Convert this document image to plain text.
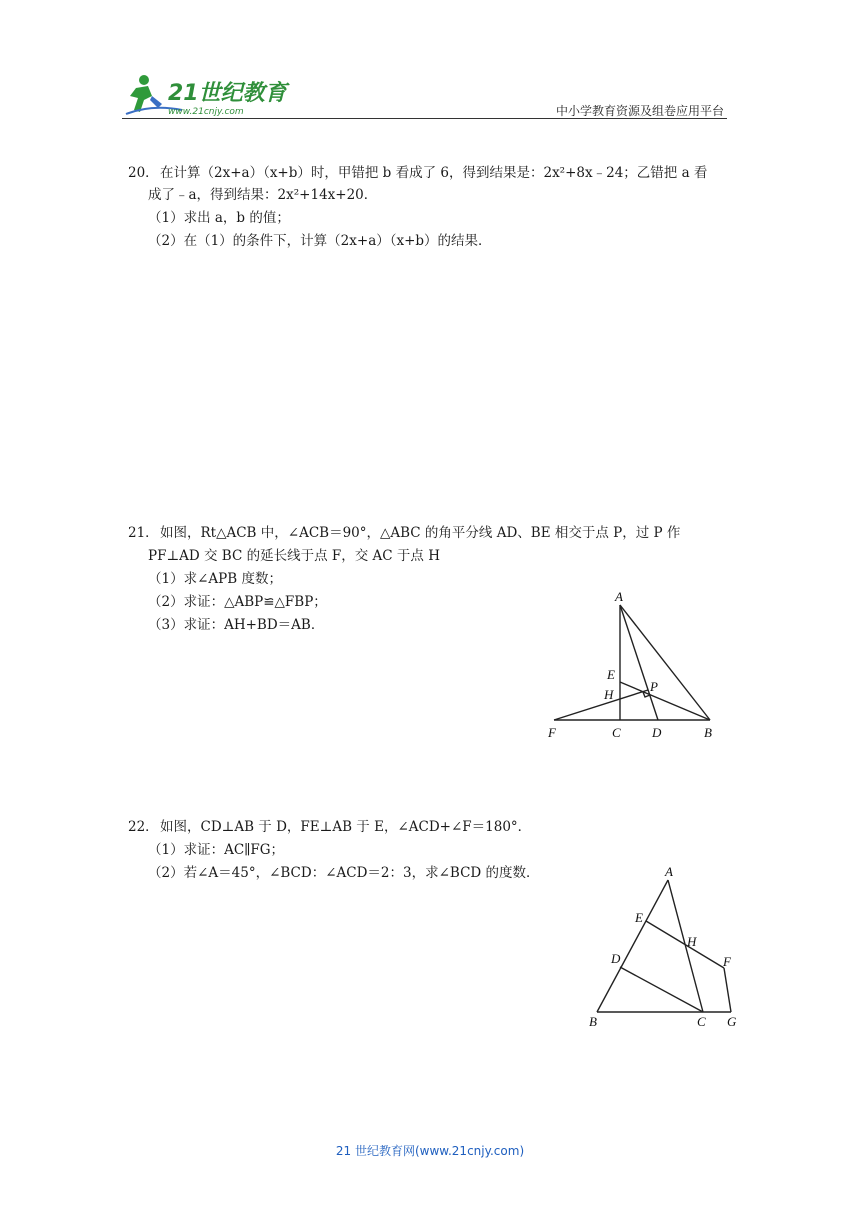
21世纪教育
www.21cnjy.com	中小学教育资源及组卷应用平台
20． 在计算（2x+a）（x+b）时，甲错把 b 看成了 6，得到结果是：2x²+8x﹣24；乙错把 a 看
成了﹣a，得到结果：2x²+14x+20．
（1）求出 a，b 的值；
（2）在（1）的条件下，计算（2x+a）（x+b）的结果．
21． 如图，Rt△ACB 中，∠ACB＝90°，△ABC 的角平分线 AD、BE 相交于点 P，过 P 作
PF⊥AD 交 BC 的延长线于点 F，交 AC 于点 H
（1）求∠APB 度数；
（2）求证：△ABP≌△FBP；
（3）求证：AH+BD＝AB．
A
E
P
H
F	C D	B
22． 如图，CD⊥AB 于 D，FE⊥AB 于 E，∠ACD+∠F＝180°．
（1）求证：AC∥FG；
（2）若∠A＝45°，∠BCD：∠ACD＝2：3，求∠BCD 的度数．	A
E
H
F
D
B	C G
21 世纪教育网(www.21cnjy.com)
